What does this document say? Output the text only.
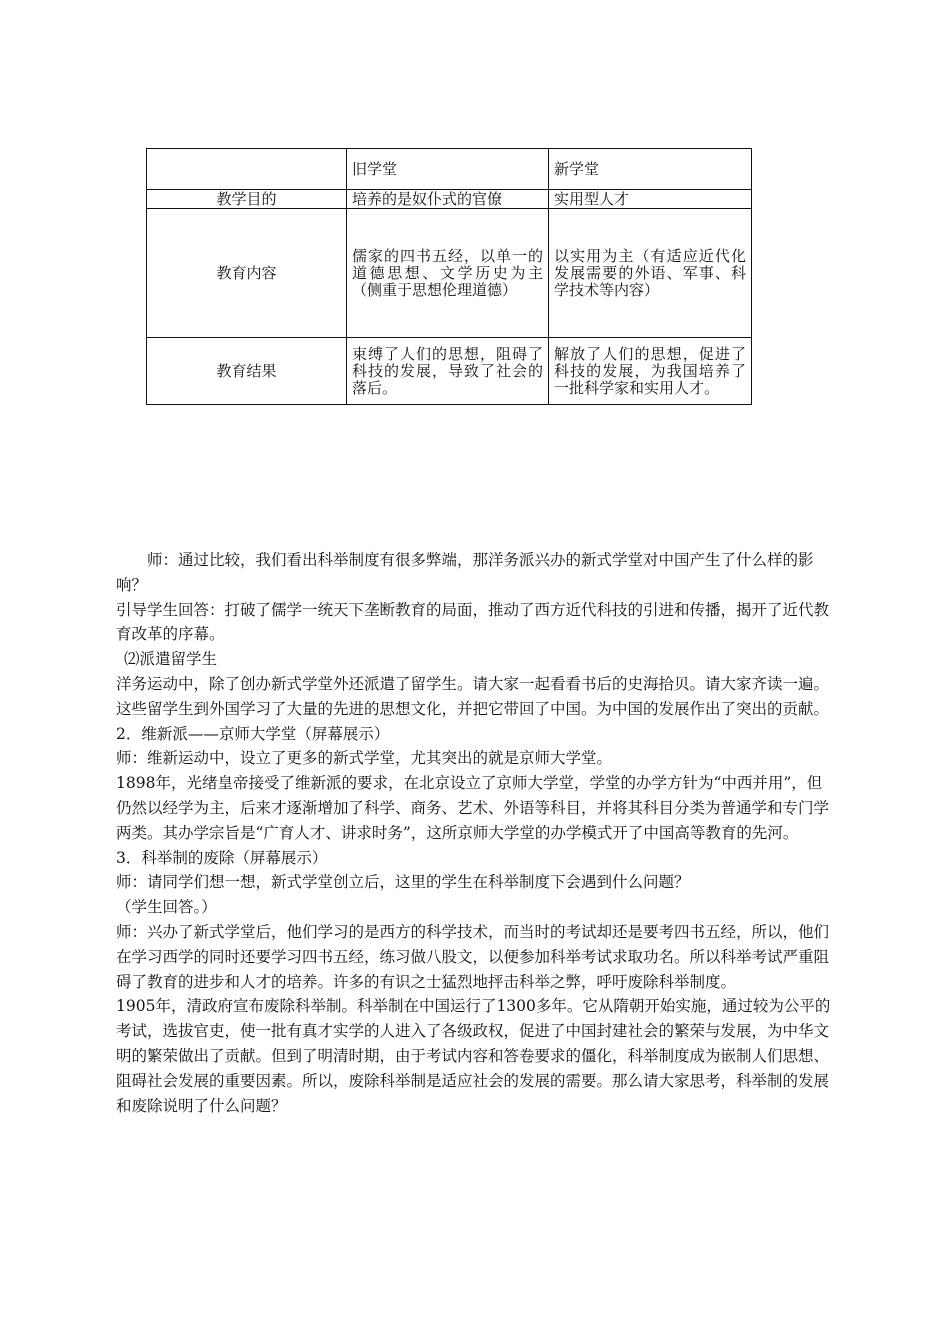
	旧学堂	新学堂
教学目的	培养的是奴仆式的官僚	实用型人才
教育内容	儒家的四书五经，以单一的道德思想、文学历史为主（侧重于思想伦理道德）	以实用为主（有适应近代化发展需要的外语、军事、科学技术等内容）
教育结果	束缚了人们的思想，阻碍了科技的发展，导致了社会的落后。	解放了人们的思想，促进了科技的发展，为我国培养了一批科学家和实用人才。

师：通过比较，我们看出科举制度有很多弊端，那洋务派兴办的新式学堂对中国产生了什么样的影响？

引导学生回答：打破了儒学一统天下垄断教育的局面，推动了西方近代科技的引进和传播，揭开了近代教育改革的序幕。

⑵派遣留学生

洋务运动中，除了创办新式学堂外还派遣了留学生。请大家一起看看书后的史海拾贝。请大家齐读一遍。

这些留学生到外国学习了大量的先进的思想文化，并把它带回了中国。为中国的发展作出了突出的贡献。

2．维新派——京师大学堂（屏幕展示）

师：维新运动中，设立了更多的新式学堂，尤其突出的就是京师大学堂。

1898年，光绪皇帝接受了维新派的要求，在北京设立了京师大学堂，学堂的办学方针为“中西并用”，但仍然以经学为主，后来才逐渐增加了科学、商务、艺术、外语等科目，并将其科目分类为普通学和专门学两类。其办学宗旨是“广育人才、讲求时务”，这所京师大学堂的办学模式开了中国高等教育的先河。

3．科举制的废除（屏幕展示）

师：请同学们想一想，新式学堂创立后，这里的学生在科举制度下会遇到什么问题？

（学生回答。）

师：兴办了新式学堂后，他们学习的是西方的科学技术，而当时的考试却还是要考四书五经，所以，他们在学习西学的同时还要学习四书五经，练习做八股文，以便参加科举考试求取功名。所以科举考试严重阻碍了教育的进步和人才的培养。许多的有识之士猛烈地抨击科举之弊，呼吁废除科举制度。

1905年，清政府宣布废除科举制。科举制在中国运行了1300多年。它从隋朝开始实施，通过较为公平的考试，选拔官吏，使一批有真才实学的人进入了各级政权，促进了中国封建社会的繁荣与发展，为中华文明的繁荣做出了贡献。但到了明清时期，由于考试内容和答卷要求的僵化，科举制度成为嵌制人们思想、阻碍社会发展的重要因素。所以，废除科举制是适应社会的发展的需要。那么请大家思考，科举制的发展和废除说明了什么问题？
